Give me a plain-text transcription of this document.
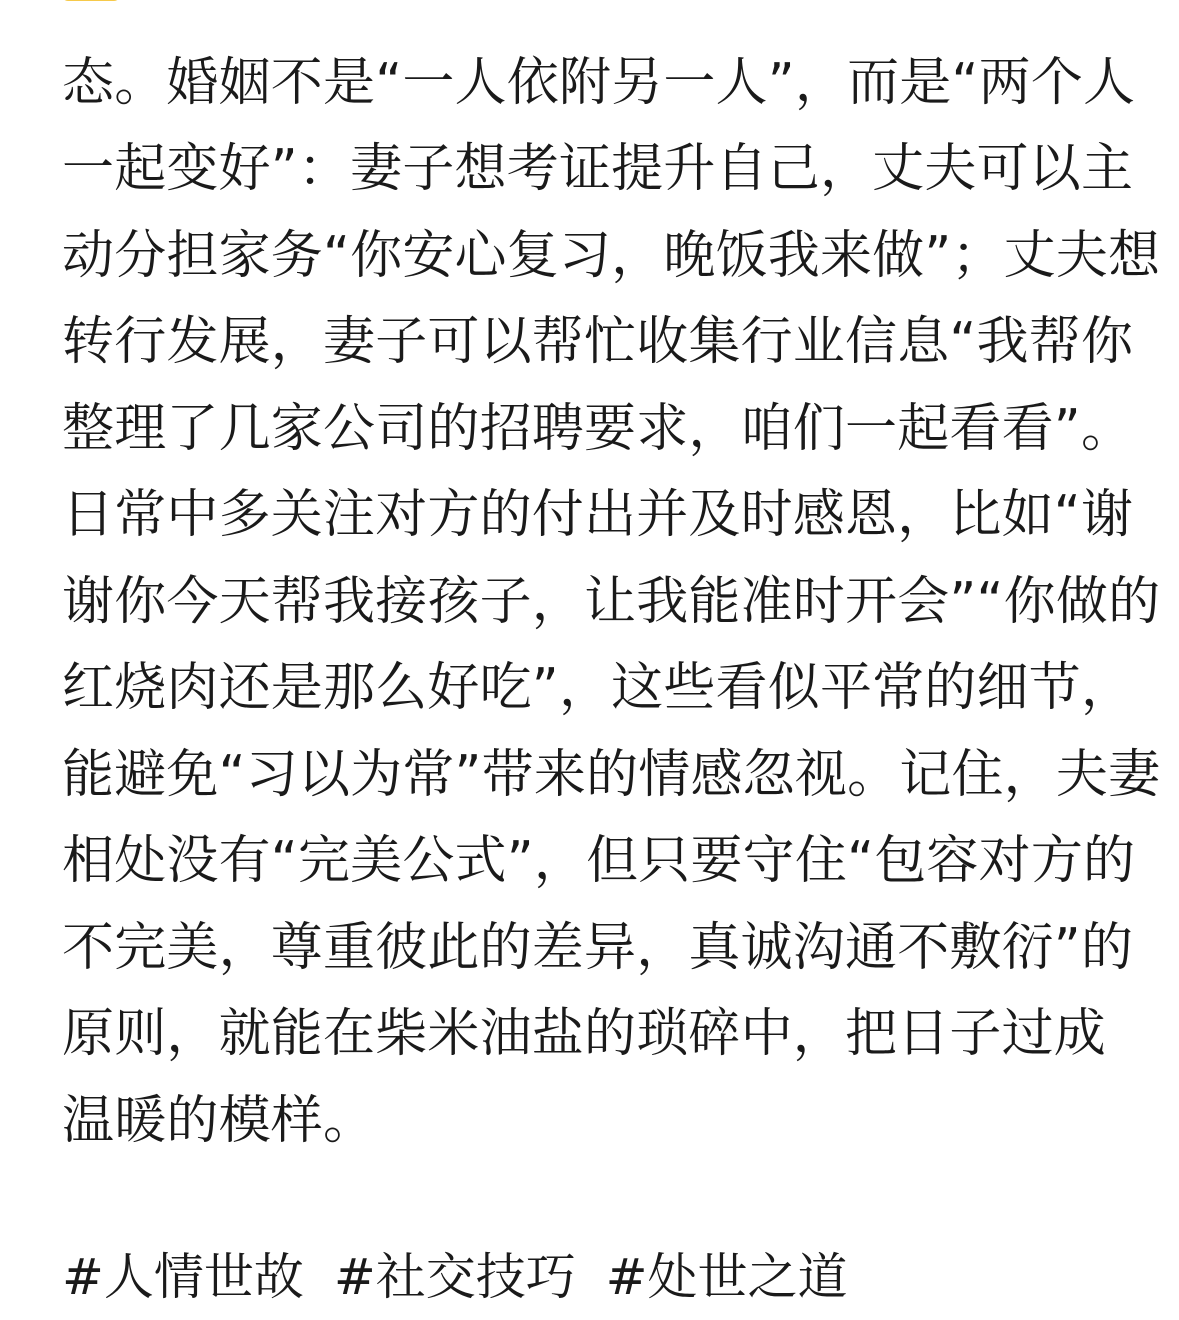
态。婚姻不是“一人依附另一人”，而是“两个人
一起变好”：妻子想考证提升自己，丈夫可以主
动分担家务“你安心复习，晚饭我来做”；丈夫想
转行发展，妻子可以帮忙收集行业信息“我帮你
整理了几家公司的招聘要求，咱们一起看看”。
日常中多关注对方的付出并及时感恩，比如“谢
谢你今天帮我接孩子，让我能准时开会”“你做的
红烧肉还是那么好吃”，这些看似平常的细节，
能避免“习以为常”带来的情感忽视。记住，夫妻
相处没有“完美公式”，但只要守住“包容对方的
不完美，尊重彼此的差异，真诚沟通不敷衍”的
原则，就能在柴米油盐的琐碎中，把日子过成
温暖的模样。
#人情世故 #社交技巧 #处世之道
